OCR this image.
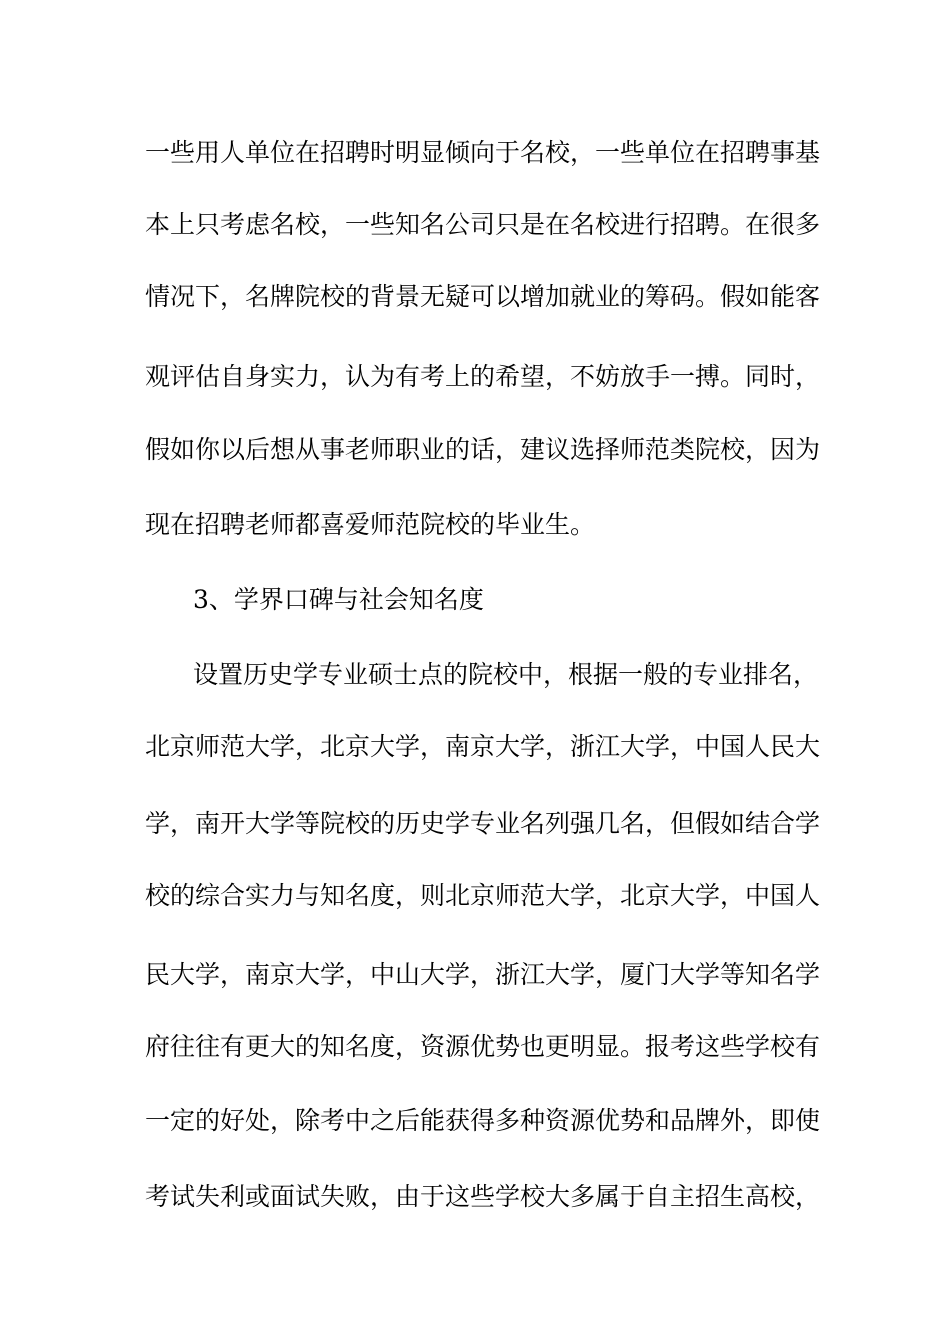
一些用人单位在招聘时明显倾向于名校，一些单位在招聘事基
本上只考虑名校，一些知名公司只是在名校进行招聘。在很多
情况下，名牌院校的背景无疑可以增加就业的筹码。假如能客
观评估自身实力，认为有考上的希望，不妨放手一搏。同时，
假如你以后想从事老师职业的话，建议选择师范类院校，因为
现在招聘老师都喜爱师范院校的毕业生。
3、学界口碑与社会知名度
设置历史学专业硕士点的院校中，根据一般的专业排名，
北京师范大学，北京大学，南京大学，浙江大学，中国人民大
学，南开大学等院校的历史学专业名列强几名，但假如结合学
校的综合实力与知名度，则北京师范大学，北京大学，中国人
民大学，南京大学，中山大学，浙江大学，厦门大学等知名学
府往往有更大的知名度，资源优势也更明显。报考这些学校有
一定的好处，除考中之后能获得多种资源优势和品牌外，即使
考试失利或面试失败，由于这些学校大多属于自主招生高校，
